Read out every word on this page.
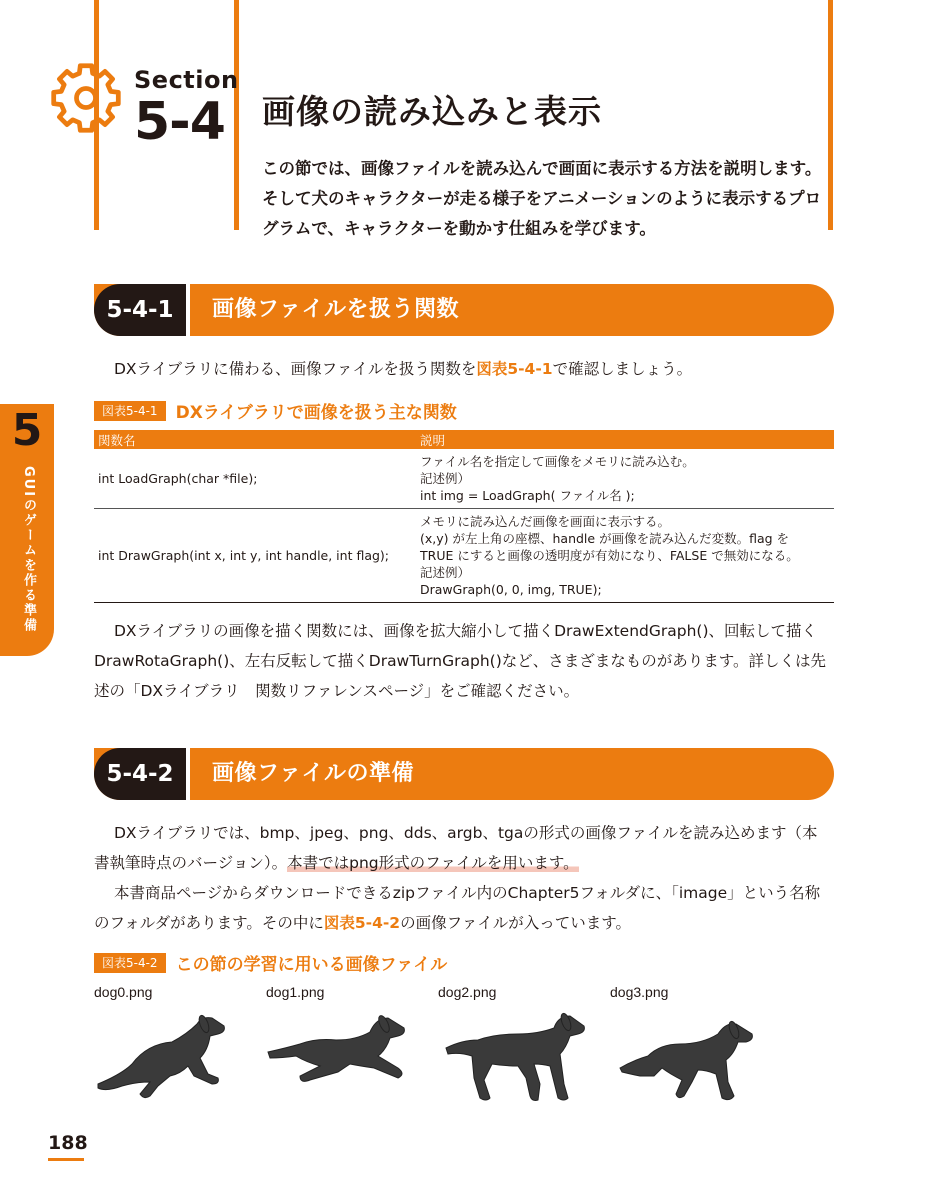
Section
5-4 画像の読み込みと表示
この節では、画像ファイルを読み込んで画面に表示する方法を説明します。そして犬のキャラクターが走る様子をアニメーションのように表示するプログラムで、キャラクターを動かす仕組みを学びます。
5-4-1	画像ファイルを扱う関数
DXライブラリに備わる、画像ファイルを扱う関数を図表5-4-1で確認しましょう。
図表5-4-1 DXライブラリで画像を扱う主な関数
関数名	説明
int LoadGraph(char *file);	ファイル名を指定して画像をメモリに読み込む。
記述例）
int img = LoadGraph( ファイル名 );

int DrawGraph(int x, int y, int handle, int flag);	メモリに読み込んだ画像を画面に表示する。
(x,y) が左上角の座標、handle が画像を読み込んだ変数。flag を
TRUE にすると画像の透明度が有効になり、FALSE で無効になる。
記述例）
DrawGraph(0, 0, img, TRUE);
DXライブラリの画像を描く関数には、画像を拡大縮小して描くDrawExtendGraph()、回転して描くDrawRotaGraph()、左右反転して描くDrawTurnGraph()など、さまざまなものがあります。詳しくは先述の「DXライブラリ　関数リファレンスページ」をご確認ください。
5
GUIのゲームを作る準備
5-4-2	画像ファイルの準備
DXライブラリでは、bmp、jpeg、png、dds、argb、tgaの形式の画像ファイルを読み込めます（本書執筆時点のバージョン）。本書ではpng形式のファイルを用います。
本書商品ページからダウンロードできるzipファイル内のChapter5フォルダに、「image」という名称のフォルダがあります。その中に図表5-4-2の画像ファイルが入っています。
図表5-4-2 この節の学習に用いる画像ファイル
dog0.png	dog1.png	dog2.png	dog3.png
188
